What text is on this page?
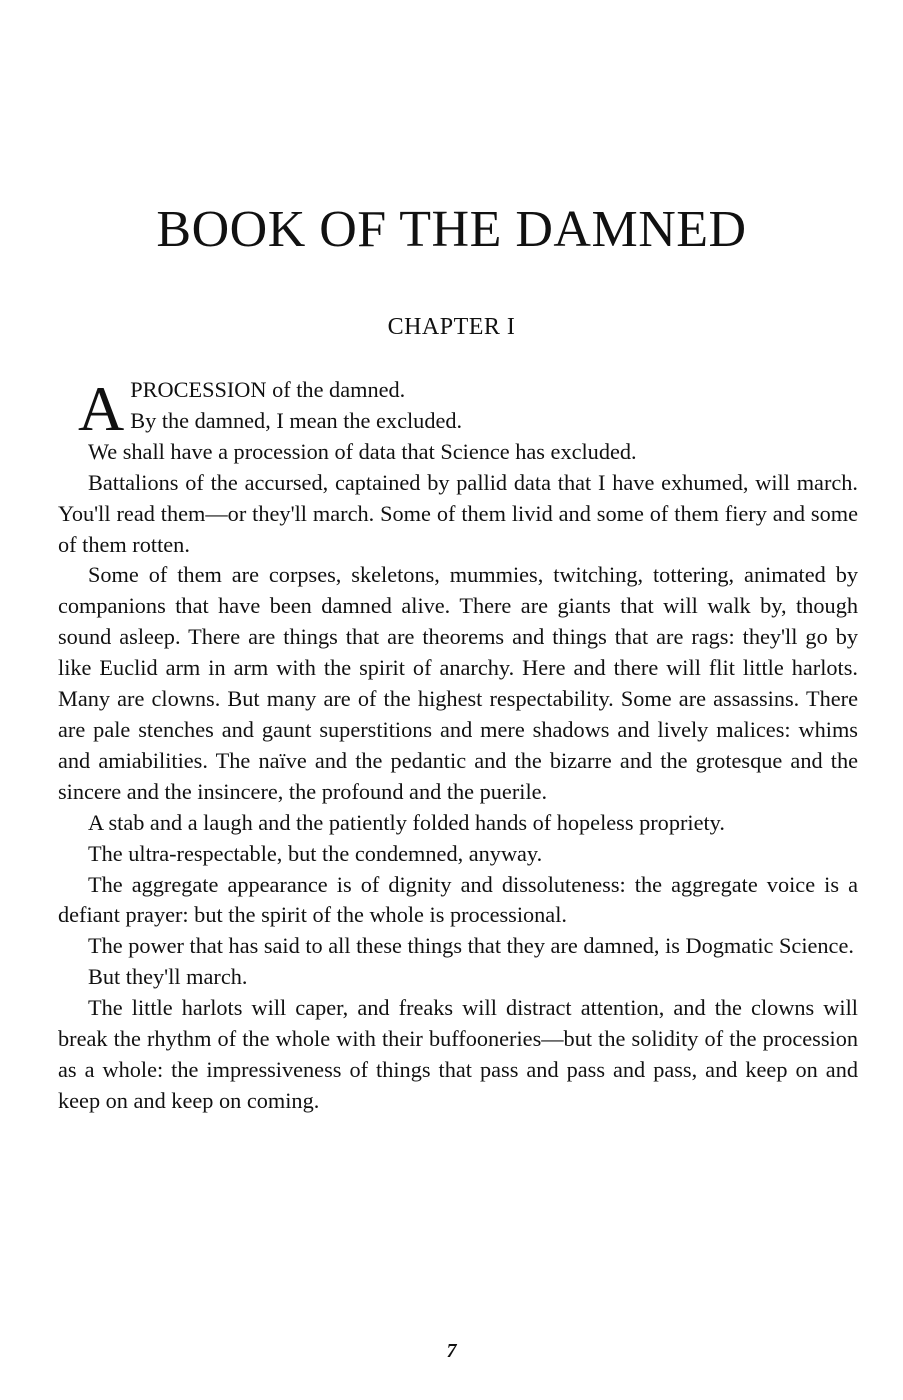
BOOK OF THE DAMNED
CHAPTER I

A PROCESSION of the damned.
By the damned, I mean the excluded.

We shall have a procession of data that Science has excluded.

Battalions of the accursed, captained by pallid data that I have exhumed, will march. You'll read them—or they'll march. Some of them livid and some of them fiery and some of them rotten.

Some of them are corpses, skeletons, mummies, twitching, tottering, animated by companions that have been damned alive. There are giants that will walk by, though sound asleep. There are things that are theorems and things that are rags: they'll go by like Euclid arm in arm with the spirit of anarchy. Here and there will flit little harlots. Many are clowns. But many are of the highest respectability. Some are assassins. There are pale stenches and gaunt superstitions and mere shadows and lively malices: whims and amiabilities. The naïve and the pedantic and the bizarre and the grotesque and the sincere and the insincere, the profound and the puerile.

A stab and a laugh and the patiently folded hands of hopeless propriety.

The ultra-respectable, but the condemned, anyway.

The aggregate appearance is of dignity and dissoluteness: the aggregate voice is a defiant prayer: but the spirit of the whole is processional.

The power that has said to all these things that they are damned, is Dogmatic Science.

But they'll march.

The little harlots will caper, and freaks will distract attention, and the clowns will break the rhythm of the whole with their buffooneries—but the solidity of the procession as a whole: the impressiveness of things that pass and pass and pass, and keep on and keep on and keep on coming.

7
